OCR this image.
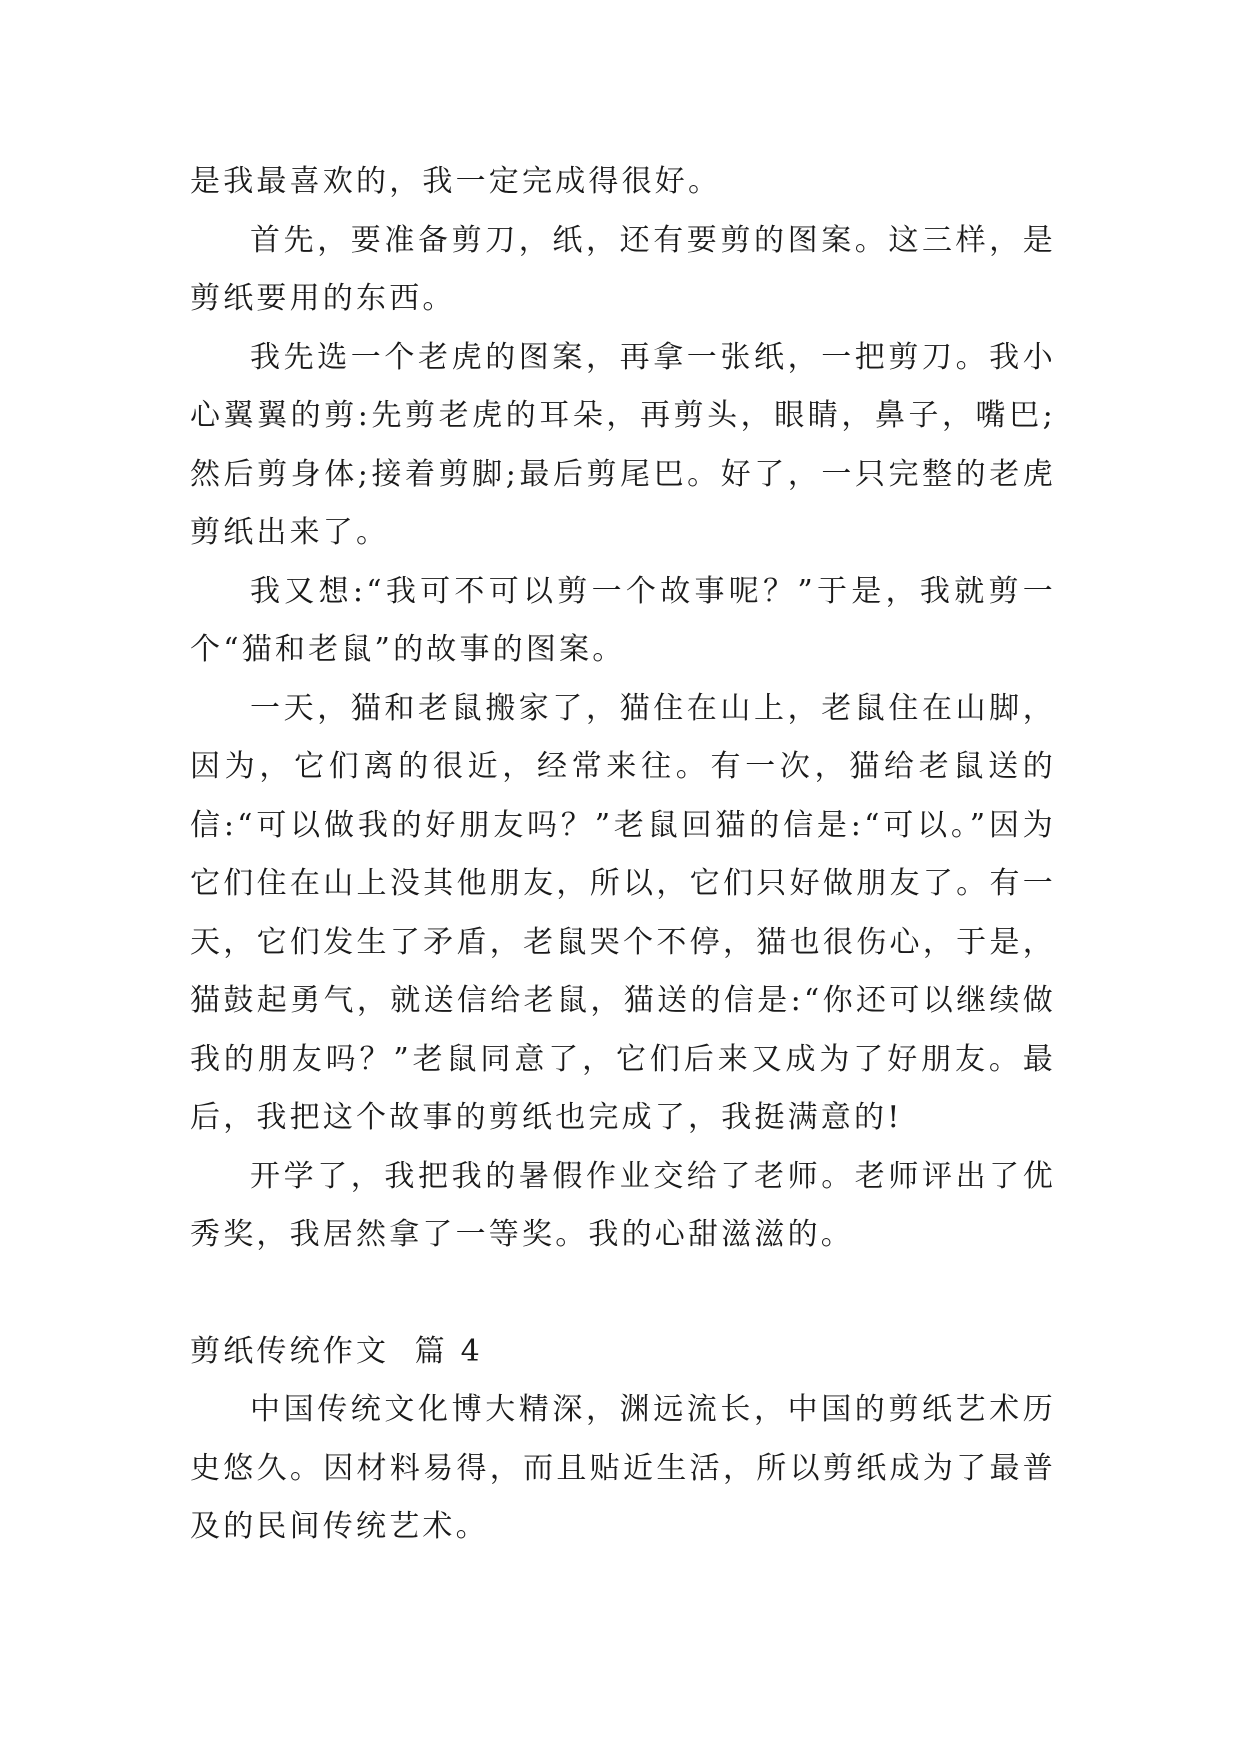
是我最喜欢的，我一定完成得很好。

首先，要准备剪刀，纸，还有要剪的图案。这三样，是剪纸要用的东西。

我先选一个老虎的图案，再拿一张纸，一把剪刀。我小心翼翼的剪:先剪老虎的耳朵，再剪头，眼睛，鼻子，嘴巴;然后剪身体;接着剪脚;最后剪尾巴。好了，一只完整的老虎剪纸出来了。

我又想:“我可不可以剪一个故事呢？”于是，我就剪一个“猫和老鼠”的故事的图案。

一天，猫和老鼠搬家了，猫住在山上，老鼠住在山脚，因为，它们离的很近，经常来往。有一次，猫给老鼠送的信:“可以做我的好朋友吗？”老鼠回猫的信是:“可以。”因为它们住在山上没其他朋友，所以，它们只好做朋友了。有一天，它们发生了矛盾，老鼠哭个不停，猫也很伤心，于是，猫鼓起勇气，就送信给老鼠，猫送的信是:“你还可以继续做我的朋友吗？”老鼠同意了，它们后来又成为了好朋友。最后，我把这个故事的剪纸也完成了，我挺满意的!

开学了，我把我的暑假作业交给了老师。老师评出了优秀奖，我居然拿了一等奖。我的心甜滋滋的。

剪纸传统作文  篇 4

中国传统文化博大精深，渊远流长，中国的剪纸艺术历史悠久。因材料易得，而且贴近生活，所以剪纸成为了最普及的民间传统艺术。
